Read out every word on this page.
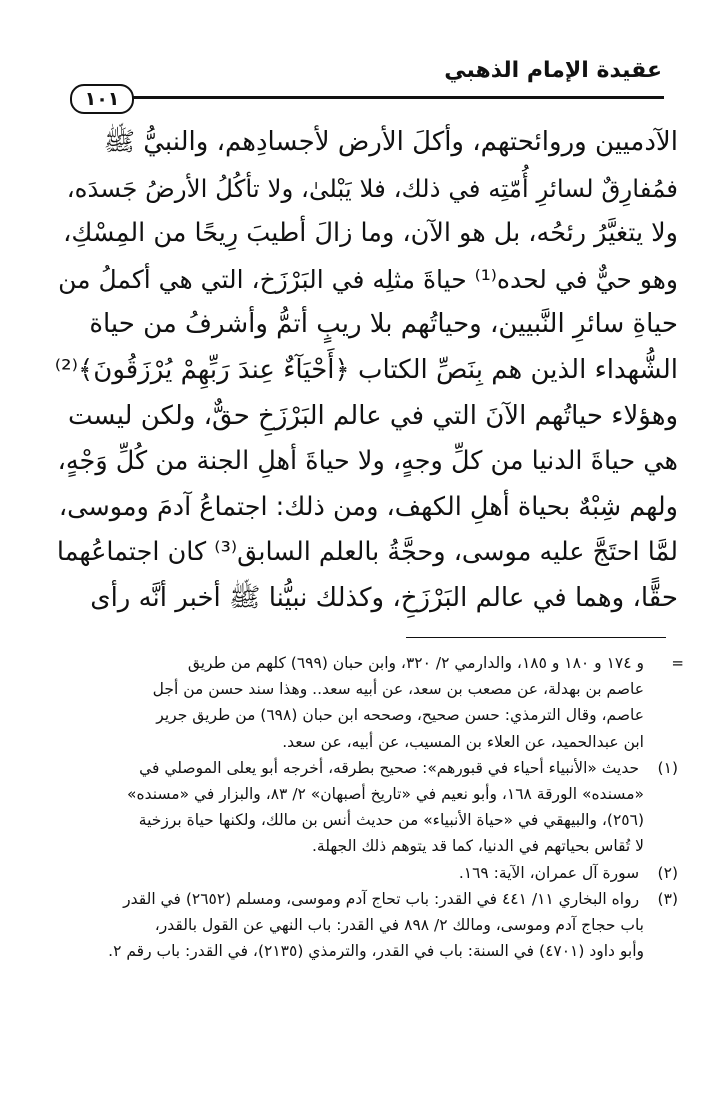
عقيدة الإمام الذهبي
١٠١
الآدميين وروائحتهم، وأكلَ الأرض لأجسادِهم، والنبيُّ ﷺ
فمُفارِقٌ لسائرِ أُمّتِه في ذلك، فلا يَبْلىٰ، ولا تأكُلُ الأرضُ جَسدَه،
ولا يتغيَّرُ رئحُه، بل هو الآن، وما زالَ أطيبَ رِيحًا من المِسْكِ،
وهو حيٌّ في لحده⁽¹⁾ حياةَ مثلِه في البَرْزَخ، التي هي أكملُ من
حياةِ سائرِ النَّبيين، وحياتُهم بلا ريبٍ أتمُّ وأشرفُ من حياة
الشُّهداء الذين هم بِنَصِّ الكتاب ﴿أَحْيَآءٌ عِندَ رَبِّهِمْ يُرْزَقُونَ﴾⁽²⁾
وهؤلاء حياتُهم الآنَ التي في عالم البَرْزَخِ حقٌّ، ولكن ليست
هي حياةَ الدنيا من كلِّ وجهٍ، ولا حياةَ أهلِ الجنة من كُلِّ وَجْهٍ،
ولهم شِبْهٌ بحياة أهلِ الكهف، ومن ذلك: اجتماعُ آدمَ وموسى،
لمَّا احتَجَّ عليه موسى، وحجَّةُ بالعلم السابق⁽³⁾ كان اجتماعُهما
حقًّا، وهما في عالم البَرْزَخِ، وكذلك نبيُّنا ﷺ أخبر أنَّه رأى
=
و ١٧٤ و ١٨٠ و ١٨٥، والدارمي ٢/ ٣٢٠، وابن حبان (٦٩٩) كلهم من طريق
عاصم بن بهدلة، عن مصعب بن سعد، عن أبيه سعد.. وهذا سند حسن من أجل
عاصم، وقال الترمذي: حسن صحيح، وصححه ابن حبان (٦٩٨) من طريق جرير
ابن عبدالحميد، عن العلاء بن المسيب، عن أبيه، عن سعد.
(١) حديث «الأنبياء أحياء في قبورهم»: صحيح بطرقه، أخرجه أبو يعلى الموصلي في
«مسنده» الورقة ١٦٨، وأبو نعيم في «تاريخ أصبهان» ٢/ ٨٣، والبزار في «مسنده»
(٢٥٦)، والبيهقي في «حياة الأنبياء» من حديث أنس بن مالك، ولكنها حياة برزخية
لا تُقاس بحياتهم في الدنيا، كما قد يتوهم ذلك الجهلة.
(٢) سورة آل عمران، الآية: ١٦٩.
(٣) رواه البخاري ١١/ ٤٤١ في القدر: باب تحاج آدم وموسى، ومسلم (٢٦٥٢) في القدر
باب حجاج آدم وموسى، ومالك ٢/ ٨٩٨ في القدر: باب النهي عن القول بالقدر،
وأبو داود (٤٧٠١) في السنة: باب في القدر، والترمذي (٢١٣٥)، في القدر: باب رقم ٢.
